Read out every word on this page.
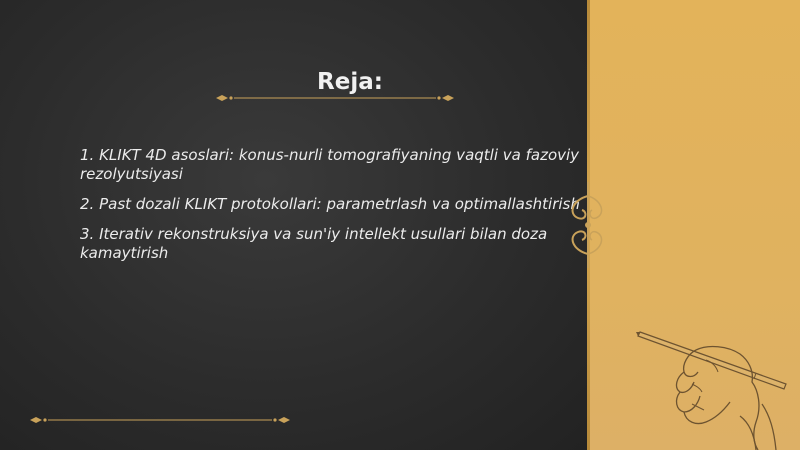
Reja:
1. KLIKT 4D asoslari: konus-nurli tomografiyaning vaqtli va fazoviy rezolyutsiyasi
2. Past dozali KLIKT protokollari: parametrlash va optimallashtirish
3. Iterativ rekonstruksiya va sun'iy intellekt usullari bilan doza kamaytirish
